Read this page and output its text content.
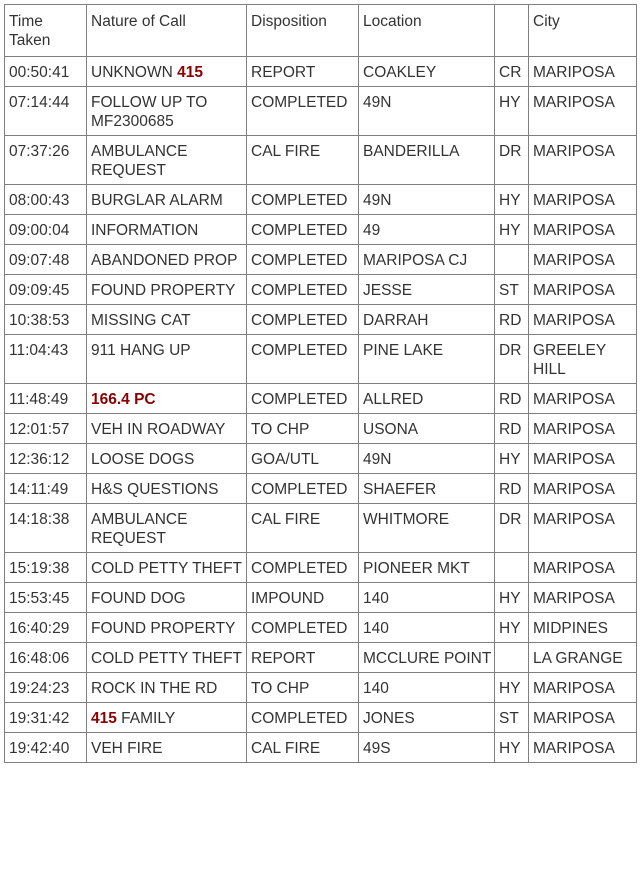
Time Taken	Nature of Call	Disposition	Location		City
00:50:41	UNKNOWN 415	REPORT	COAKLEY	CR	MARIPOSA
07:14:44	FOLLOW UP TO MF2300685	COMPLETED	49N	HY	MARIPOSA
07:37:26	AMBULANCE REQUEST	CAL FIRE	BANDERILLA	DR	MARIPOSA
08:00:43	BURGLAR ALARM	COMPLETED	49N	HY	MARIPOSA
09:00:04	INFORMATION	COMPLETED	49	HY	MARIPOSA
09:07:48	ABANDONED PROP	COMPLETED	MARIPOSA CJ		MARIPOSA
09:09:45	FOUND PROPERTY	COMPLETED	JESSE	ST	MARIPOSA
10:38:53	MISSING CAT	COMPLETED	DARRAH	RD	MARIPOSA
11:04:43	911 HANG UP	COMPLETED	PINE LAKE	DR	GREELEY HILL
11:48:49	166.4 PC	COMPLETED	ALLRED	RD	MARIPOSA
12:01:57	VEH IN ROADWAY	TO CHP	USONA	RD	MARIPOSA
12:36:12	LOOSE DOGS	GOA/UTL	49N	HY	MARIPOSA
14:11:49	H&S QUESTIONS	COMPLETED	SHAEFER	RD	MARIPOSA
14:18:38	AMBULANCE REQUEST	CAL FIRE	WHITMORE	DR	MARIPOSA
15:19:38	COLD PETTY THEFT	COMPLETED	PIONEER MKT		MARIPOSA
15:53:45	FOUND DOG	IMPOUND	140	HY	MARIPOSA
16:40:29	FOUND PROPERTY	COMPLETED	140	HY	MIDPINES
16:48:06	COLD PETTY THEFT	REPORT	MCCLURE POINT		LA GRANGE
19:24:23	ROCK IN THE RD	TO CHP	140	HY	MARIPOSA
19:31:42	415 FAMILY	COMPLETED	JONES	ST	MARIPOSA
19:42:40	VEH FIRE	CAL FIRE	49S	HY	MARIPOSA
